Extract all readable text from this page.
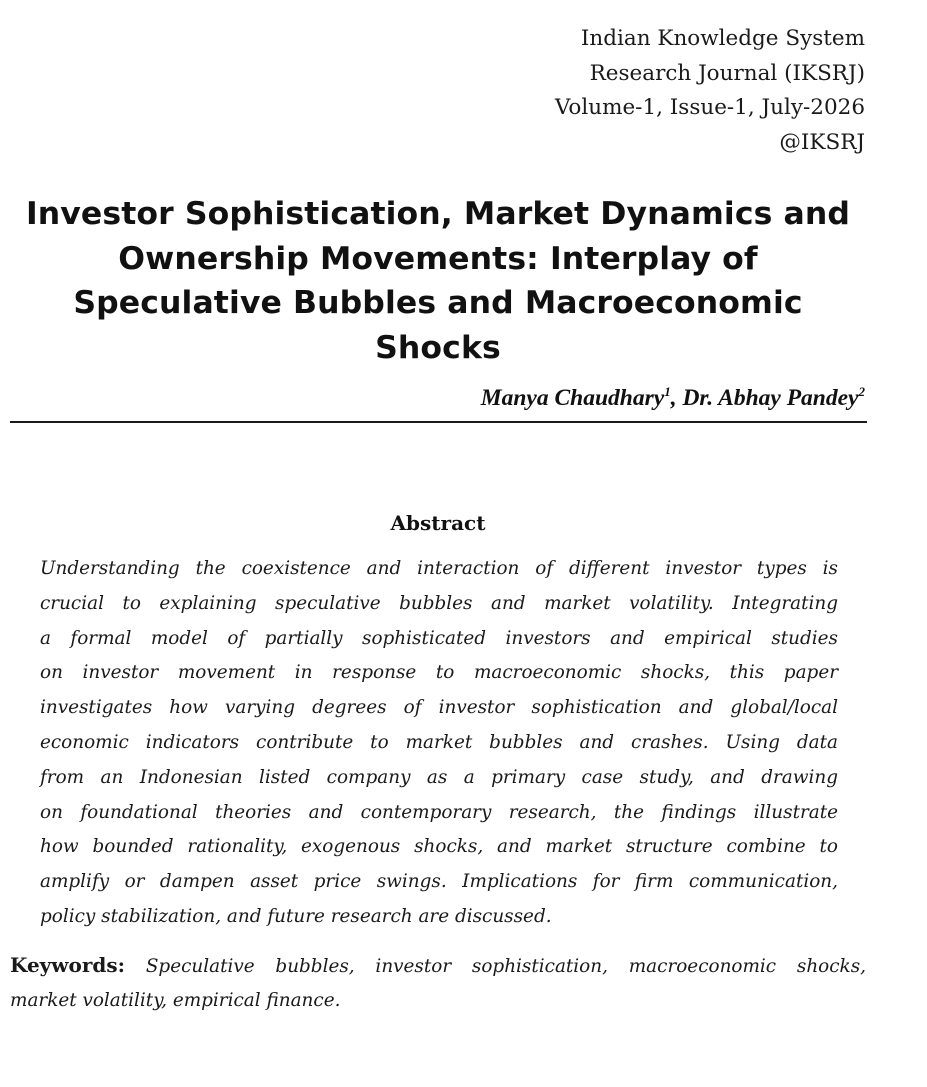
Indian Knowledge System
Research Journal (IKSRJ)
Volume-1, Issue-1, July-2026
@IKSRJ
Investor Sophistication, Market Dynamics and
Ownership Movements: Interplay of
Speculative Bubbles and Macroeconomic
Shocks
Manya Chaudhary$^1$, Dr. Abhay Pandey$^2$
Abstract
Understanding the coexistence and interaction of different investor types is
crucial to explaining speculative bubbles and market volatility. Integrating
a formal model of partially sophisticated investors and empirical studies
on investor movement in response to macroeconomic shocks, this paper
investigates how varying degrees of investor sophistication and global/local
economic indicators contribute to market bubbles and crashes. Using data
from an Indonesian listed company as a primary case study, and drawing
on foundational theories and contemporary research, the findings illustrate
how bounded rationality, exogenous shocks, and market structure combine to
amplify or dampen asset price swings. Implications for firm communication,
policy stabilization, and future research are discussed.
Keywords: Speculative bubbles, investor sophistication, macroeconomic shocks,
market volatility, empirical finance.
